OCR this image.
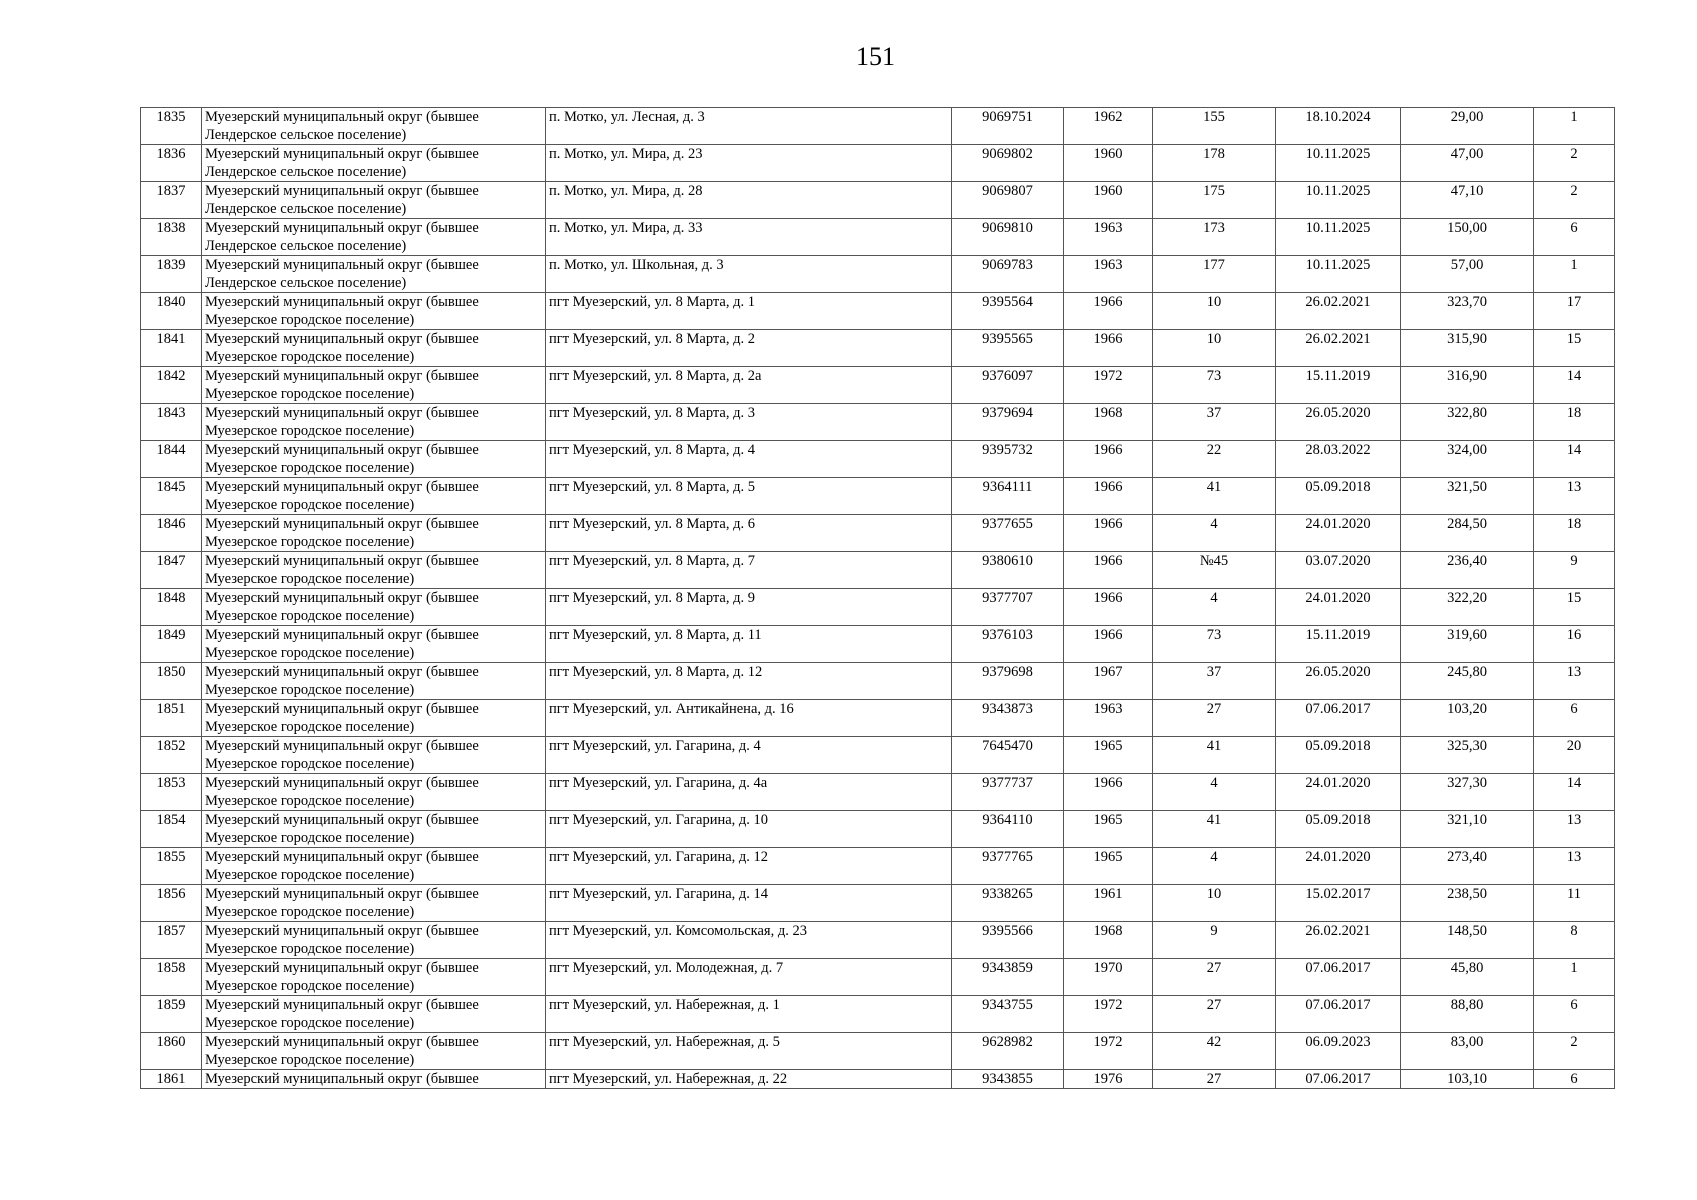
151
1835	Муезерский муниципальный округ (бывшее
Лендерское сельское поселение)	п. Мотко, ул. Лесная, д. 3	9069751	1962	155	18.10.2024	29,00	1
1836	Муезерский муниципальный округ (бывшее
Лендерское сельское поселение)	п. Мотко, ул. Мира, д. 23	9069802	1960	178	10.11.2025	47,00	2
1837	Муезерский муниципальный округ (бывшее
Лендерское сельское поселение)	п. Мотко, ул. Мира, д. 28	9069807	1960	175	10.11.2025	47,10	2
1838	Муезерский муниципальный округ (бывшее
Лендерское сельское поселение)	п. Мотко, ул. Мира, д. 33	9069810	1963	173	10.11.2025	150,00	6
1839	Муезерский муниципальный округ (бывшее
Лендерское сельское поселение)	п. Мотко, ул. Школьная, д. 3	9069783	1963	177	10.11.2025	57,00	1
1840	Муезерский муниципальный округ (бывшее
Муезерское городское поселение)	пгт Муезерский, ул. 8 Марта, д. 1	9395564	1966	10	26.02.2021	323,70	17
1841	Муезерский муниципальный округ (бывшее
Муезерское городское поселение)	пгт Муезерский, ул. 8 Марта, д. 2	9395565	1966	10	26.02.2021	315,90	15
1842	Муезерский муниципальный округ (бывшее
Муезерское городское поселение)	пгт Муезерский, ул. 8 Марта, д. 2а	9376097	1972	73	15.11.2019	316,90	14
1843	Муезерский муниципальный округ (бывшее
Муезерское городское поселение)	пгт Муезерский, ул. 8 Марта, д. 3	9379694	1968	37	26.05.2020	322,80	18
1844	Муезерский муниципальный округ (бывшее
Муезерское городское поселение)	пгт Муезерский, ул. 8 Марта, д. 4	9395732	1966	22	28.03.2022	324,00	14
1845	Муезерский муниципальный округ (бывшее
Муезерское городское поселение)	пгт Муезерский, ул. 8 Марта, д. 5	9364111	1966	41	05.09.2018	321,50	13
1846	Муезерский муниципальный округ (бывшее
Муезерское городское поселение)	пгт Муезерский, ул. 8 Марта, д. 6	9377655	1966	4	24.01.2020	284,50	18
1847	Муезерский муниципальный округ (бывшее
Муезерское городское поселение)	пгт Муезерский, ул. 8 Марта, д. 7	9380610	1966	№45	03.07.2020	236,40	9
1848	Муезерский муниципальный округ (бывшее
Муезерское городское поселение)	пгт Муезерский, ул. 8 Марта, д. 9	9377707	1966	4	24.01.2020	322,20	15
1849	Муезерский муниципальный округ (бывшее
Муезерское городское поселение)	пгт Муезерский, ул. 8 Марта, д. 11	9376103	1966	73	15.11.2019	319,60	16
1850	Муезерский муниципальный округ (бывшее
Муезерское городское поселение)	пгт Муезерский, ул. 8 Марта, д. 12	9379698	1967	37	26.05.2020	245,80	13
1851	Муезерский муниципальный округ (бывшее
Муезерское городское поселение)	пгт Муезерский, ул. Антикайнена, д. 16	9343873	1963	27	07.06.2017	103,20	6
1852	Муезерский муниципальный округ (бывшее
Муезерское городское поселение)	пгт Муезерский, ул. Гагарина, д. 4	7645470	1965	41	05.09.2018	325,30	20
1853	Муезерский муниципальный округ (бывшее
Муезерское городское поселение)	пгт Муезерский, ул. Гагарина, д. 4а	9377737	1966	4	24.01.2020	327,30	14
1854	Муезерский муниципальный округ (бывшее
Муезерское городское поселение)	пгт Муезерский, ул. Гагарина, д. 10	9364110	1965	41	05.09.2018	321,10	13
1855	Муезерский муниципальный округ (бывшее
Муезерское городское поселение)	пгт Муезерский, ул. Гагарина, д. 12	9377765	1965	4	24.01.2020	273,40	13
1856	Муезерский муниципальный округ (бывшее
Муезерское городское поселение)	пгт Муезерский, ул. Гагарина, д. 14	9338265	1961	10	15.02.2017	238,50	11
1857	Муезерский муниципальный округ (бывшее
Муезерское городское поселение)	пгт Муезерский, ул. Комсомольская, д. 23	9395566	1968	9	26.02.2021	148,50	8
1858	Муезерский муниципальный округ (бывшее
Муезерское городское поселение)	пгт Муезерский, ул. Молодежная, д. 7	9343859	1970	27	07.06.2017	45,80	1
1859	Муезерский муниципальный округ (бывшее
Муезерское городское поселение)	пгт Муезерский, ул. Набережная, д. 1	9343755	1972	27	07.06.2017	88,80	6
1860	Муезерский муниципальный округ (бывшее
Муезерское городское поселение)	пгт Муезерский, ул. Набережная, д. 5	9628982	1972	42	06.09.2023	83,00	2
1861	Муезерский муниципальный округ (бывшее	пгт Муезерский, ул. Набережная, д. 22	9343855	1976	27	07.06.2017	103,10	6
